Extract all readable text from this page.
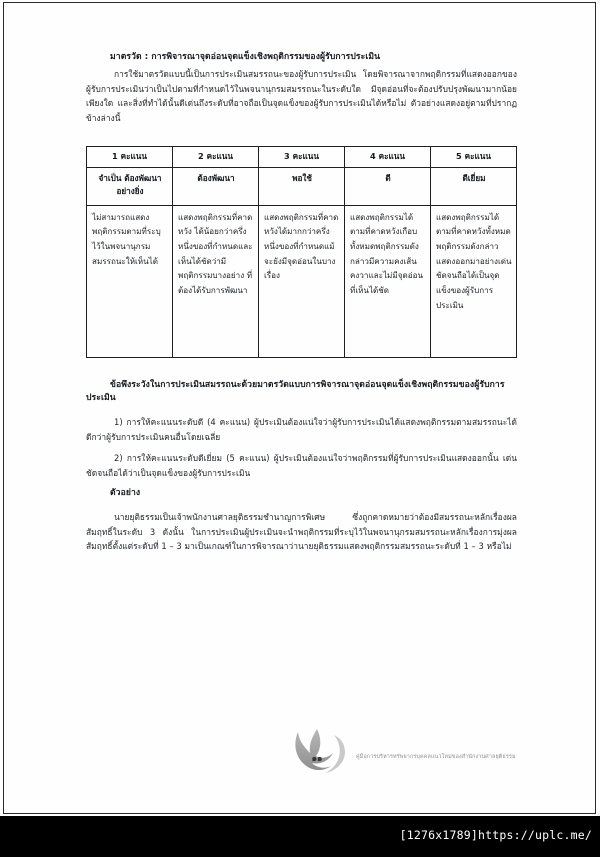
มาตรวัด : การพิจารณาจุดอ่อนจุดแข็งเชิงพฤติกรรมของผู้รับการประเมิน
การใช้มาตรวัดแบบนี้เป็นการประเมินสมรรถนะของผู้รับการประเมิน โดยพิจารณาจากพฤติกรรมที่แสดงออกของผู้รับการประเมินว่าเป็นไปตามที่กำหนดไว้ในพจนานุกรมสมรรถนะในระดับใด มีจุดอ่อนที่จะต้องปรับปรุงพัฒนามากน้อยเพียงใด และสิ่งที่ทำได้นั้นดีเด่นถึงระดับที่อาจถือเป็นจุดแข็งของผู้รับการประเมินได้หรือไม่ ตัวอย่างแสดงอยู่ตามที่ปรากฏข้างล่างนี้
1 คะแนน	2 คะแนน	3 คะแนน	4 คะแนน	5 คะแนน
จำเป็น ต้องพัฒนาอย่างยิ่ง	ต้องพัฒนา	พอใช้	ดี	ดีเยี่ยม
ไม่สามารถแสดงพฤติกรรมตามที่ระบุไว้ในพจนานุกรมสมรรถนะให้เห็นได้	แสดงพฤติกรรมที่คาดหวัง ได้น้อยกว่าครึ่งหนึ่งของที่กำหนดและเห็นได้ชัดว่ามีพฤติกรรมบางอย่าง ที่ต้องได้รับการพัฒนา	แสดงพฤติกรรมที่คาดหวังได้มากกว่าครึ่งหนึ่งของที่กำหนดแม้จะยังมีจุดอ่อนในบางเรื่อง	แสดงพฤติกรรมได้ตามที่คาดหวังเกือบทั้งหมดพฤติกรรมดังกล่าวมีความคงเส้นคงวาและไม่มีจุดอ่อนที่เห็นได้ชัด	แสดงพฤติกรรมได้ตามที่คาดหวังทั้งหมดพฤติกรรมดังกล่าวแสดงออกมาอย่างเด่นชัดจนถือได้เป็นจุดแข็งของผู้รับการประเมิน
ข้อพึงระวังในการประเมินสมรรถนะด้วยมาตรวัดแบบการพิจารณาจุดอ่อนจุดแข็งเชิงพฤติกรรมของผู้รับการประเมิน
1) การให้คะแนนระดับดี (4 คะแนน) ผู้ประเมินต้องแน่ใจว่าผู้รับการประเมินได้แสดงพฤติกรรมตามสมรรถนะได้ดีกว่าผู้รับการประเมินคนอื่นโดยเฉลี่ย
2) การให้คะแนนระดับดีเยี่ยม (5 คะแนน) ผู้ประเมินต้องแน่ใจว่าพฤติกรรมที่ผู้รับการประเมินแสดงออกนั้น เด่นชัดจนถือได้ว่าเป็นจุดแข็งของผู้รับการประเมิน
ตัวอย่าง
นายยุติธรรมเป็นเจ้าพนักงานศาลยุติธรรมชำนาญการพิเศษ ซึ่งถูกคาดหมายว่าต้องมีสมรรถนะหลักเรื่องผลสัมฤทธิ์ในระดับ 3 ดังนั้น ในการประเมินผู้ประเมินจะนำพฤติกรรมที่ระบุไว้ในพจนานุกรมสมรรถนะหลักเรื่องการมุ่งผลสัมฤทธิ์ตั้งแต่ระดับที่ 1 – 3 มาเป็นเกณฑ์ในการพิจารณาว่านายยุติธรรมแสดงพฤติกรรมสมรรถนะระดับที่ 1 – 3 หรือไม่
๑๑	คู่มือการบริหารทรัพยากรบุคคลแนวใหม่ของสำนักงานศาลยุติธรรม
[1276x1789]https://uplc.me/
